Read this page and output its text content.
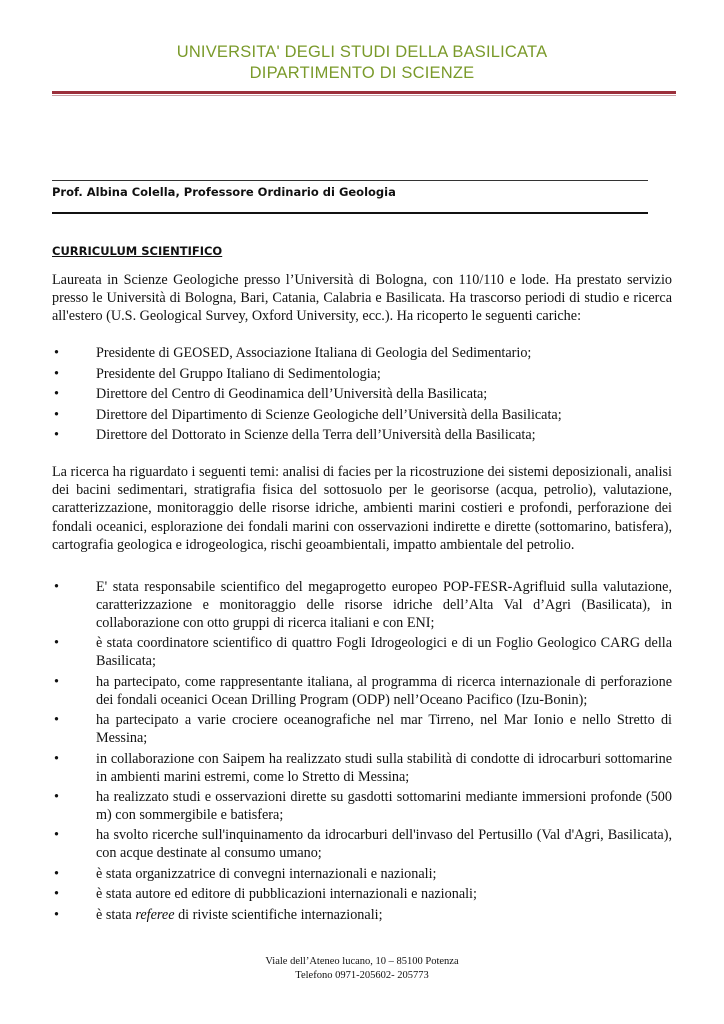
UNIVERSITA' DEGLI STUDI DELLA BASILICATA
DIPARTIMENTO DI SCIENZE
Prof. Albina Colella, Professore Ordinario di Geologia
CURRICULUM SCIENTIFICO
Laureata in Scienze Geologiche presso l’Università di Bologna, con 110/110 e lode. Ha prestato servizio presso le Università di Bologna, Bari, Catania, Calabria e Basilicata. Ha trascorso periodi di studio e ricerca all'estero (U.S. Geological Survey, Oxford University, ecc.). Ha ricoperto le seguenti cariche:
•	Presidente di GEOSED, Associazione Italiana di Geologia del Sedimentario;
•	Presidente del Gruppo Italiano di Sedimentologia;
•	Direttore del Centro di Geodinamica dell’Università della Basilicata;
•	Direttore del Dipartimento di Scienze Geologiche dell’Università della Basilicata;
•	Direttore del Dottorato in Scienze della Terra dell’Università della Basilicata;
La ricerca ha riguardato i seguenti temi: analisi di facies per la ricostruzione dei sistemi deposizionali, analisi dei bacini sedimentari, stratigrafia fisica del sottosuolo per le georisorse (acqua, petrolio), valutazione, caratterizzazione, monitoraggio delle risorse idriche, ambienti marini costieri e profondi, perforazione dei fondali oceanici, esplorazione dei fondali marini con osservazioni indirette e dirette (sottomarino, batisfera), cartografia geologica e idrogeologica, rischi geoambientali, impatto ambientale del petrolio.
•	E' stata responsabile scientifico del megaprogetto europeo POP-FESR-Agrifluid sulla valutazione, caratterizzazione e monitoraggio delle risorse idriche dell’Alta Val d’Agri (Basilicata), in collaborazione con otto gruppi di ricerca italiani e con ENI;
•	è stata coordinatore scientifico di quattro Fogli Idrogeologici e di un Foglio Geologico CARG della Basilicata;
•	ha partecipato, come rappresentante italiana, al programma di ricerca internazionale di perforazione dei fondali oceanici Ocean Drilling Program (ODP) nell’Oceano Pacifico (Izu-Bonin);
•	ha partecipato a varie crociere oceanografiche nel mar Tirreno, nel Mar Ionio e nello Stretto di Messina;
•	in collaborazione con Saipem ha realizzato studi sulla stabilità di condotte di idrocarburi sottomarine in ambienti marini estremi, come lo Stretto di Messina;
•	ha realizzato studi e osservazioni dirette su gasdotti sottomarini mediante immersioni profonde (500 m) con sommergibile e batisfera;
•	ha svolto ricerche sull'inquinamento da idrocarburi dell'invaso del Pertusillo (Val d'Agri, Basilicata), con acque destinate al consumo umano;
•	è stata organizzatrice di convegni internazionali e nazionali;
•	è stata autore ed editore di pubblicazioni internazionali e nazionali;
•	è stata referee di riviste scientifiche internazionali;
Viale dell’Ateneo lucano, 10 – 85100 Potenza
Telefono 0971-205602- 205773
